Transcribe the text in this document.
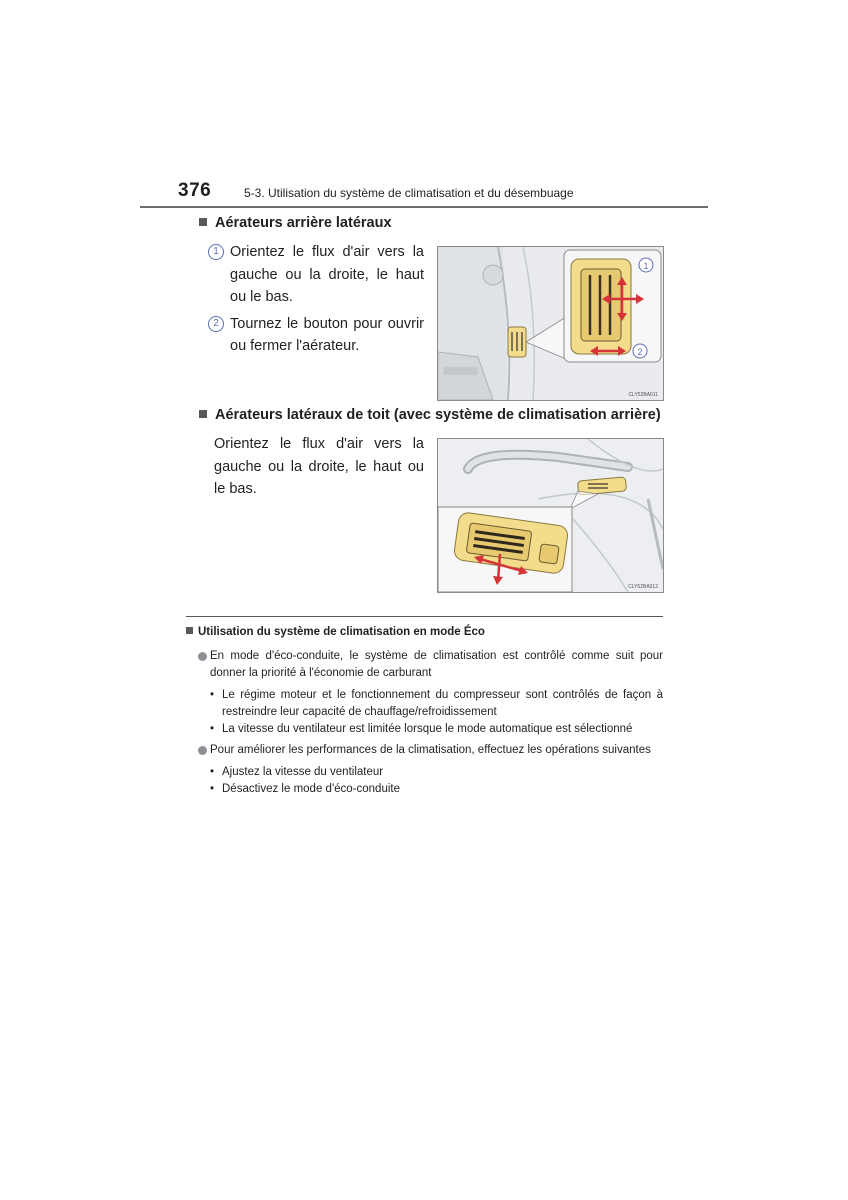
376	5-3. Utilisation du système de climatisation et du désembuage
Aérateurs arrière latéraux
1 Orientez le flux d'air vers la gauche ou la droite, le haut ou le bas.
2 Tournez le bouton pour ouvrir ou fermer l'aérateur.
1
2
CLY52BA011
Aérateurs latéraux de toit (avec système de climatisation arrière)
Orientez le flux d'air vers la gauche ou la droite, le haut ou le bas.
CLY52BA012
Utilisation du système de climatisation en mode Éco
En mode d'éco-conduite, le système de climatisation est contrôlé comme suit pour donner la priorité à l'économie de carburant
• Le régime moteur et le fonctionnement du compresseur sont contrôlés de façon à restreindre leur capacité de chauffage/refroidissement
• La vitesse du ventilateur est limitée lorsque le mode automatique est sélectionné
Pour améliorer les performances de la climatisation, effectuez les opérations suivantes
• Ajustez la vitesse du ventilateur
• Désactivez le mode d'éco-conduite
